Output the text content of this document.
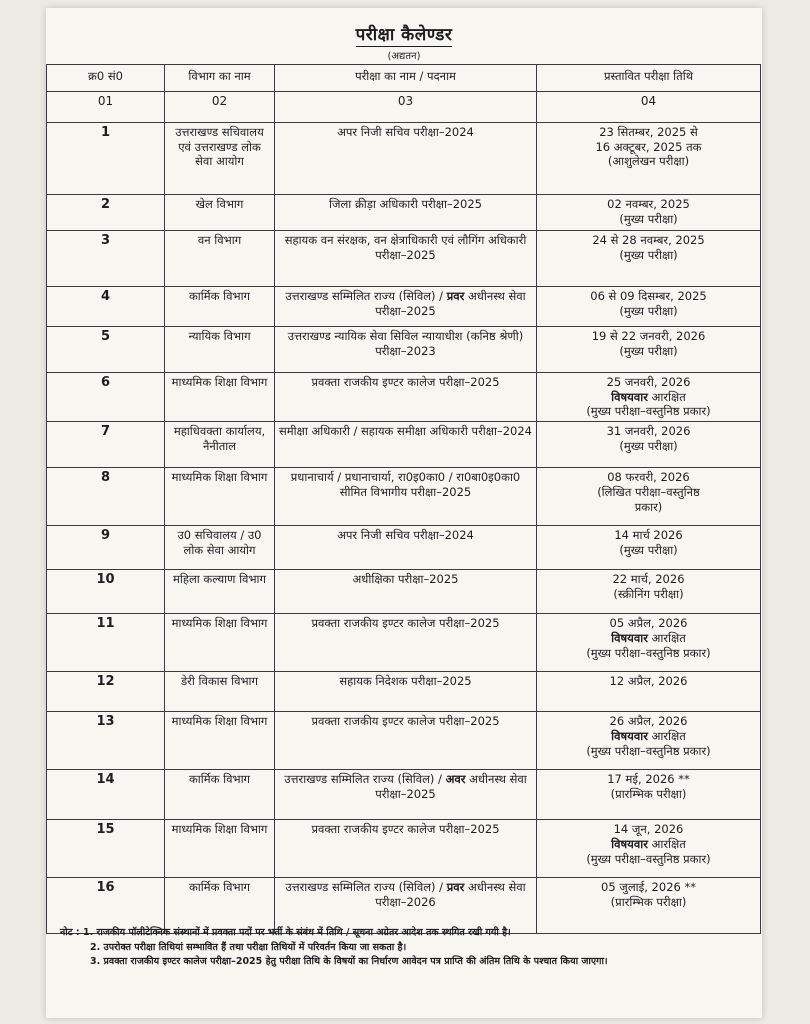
परीक्षा कैलेण्डर
(अद्यतन)
क्र0 सं0	विभाग का नाम	परीक्षा का नाम / पदनाम	प्रस्तावित परीक्षा तिथि
01	02	03	04
1	उत्तराखण्ड सचिवालय एवं उत्तराखण्ड लोक सेवा आयोग	अपर निजी सचिव परीक्षा–2024	23 सितम्बर, 2025 से
16 अक्टूबर, 2025 तक
(आशुलेखन परीक्षा)

2	खेल विभाग	जिला क्रीड़ा अधिकारी परीक्षा–2025	02 नवम्बर, 2025
(मुख्य परीक्षा)

3	वन विभाग	सहायक वन संरक्षक, वन क्षेत्राधिकारी एवं लौगिंग अधिकारी परीक्षा–2025	24 से 28 नवम्बर, 2025
(मुख्य परीक्षा)

4	कार्मिक विभाग	उत्तराखण्ड सम्मिलित राज्य (सिविल) / प्रवर अधीनस्थ सेवा परीक्षा–2025	06 से 09 दिसम्बर, 2025
(मुख्य परीक्षा)

5	न्यायिक विभाग	उत्तराखण्ड न्यायिक सेवा सिविल न्यायाधीश (कनिष्ठ श्रेणी) परीक्षा–2023	19 से 22 जनवरी, 2026
(मुख्य परीक्षा)

6	माध्यमिक शिक्षा विभाग	प्रवक्ता राजकीय इण्टर कालेज परीक्षा–2025	25 जनवरी, 2026
विषयवार आरक्षित
(मुख्य परीक्षा–वस्तुनिष्ठ प्रकार)

7	महाधिवक्ता कार्यालय, नैनीताल	समीक्षा अधिकारी / सहायक समीक्षा अधिकारी परीक्षा–2024	31 जनवरी, 2026
(मुख्य परीक्षा)

8	माध्यमिक शिक्षा विभाग	प्रधानाचार्य / प्रधानाचार्या, रा0इ0का0 / रा0बा0इ0का0 सीमित विभागीय परीक्षा–2025	08 फरवरी, 2026
(लिखित परीक्षा–वस्तुनिष्ठ
प्रकार)

9	उ0 सचिवालय / उ0 लोक सेवा आयोग	अपर निजी सचिव परीक्षा–2024	14 मार्च 2026
(मुख्य परीक्षा)

10	महिला कल्याण विभाग	अधीक्षिका परीक्षा–2025	22 मार्च, 2026
(स्क्रीनिंग परीक्षा)

11	माध्यमिक शिक्षा विभाग	प्रवक्ता राजकीय इण्टर कालेज परीक्षा–2025	05 अप्रैल, 2026
विषयवार आरक्षित
(मुख्य परीक्षा–वस्तुनिष्ठ प्रकार)

12	डेरी विकास विभाग	सहायक निदेशक परीक्षा–2025	12 अप्रैल, 2026

13	माध्यमिक शिक्षा विभाग	प्रवक्ता राजकीय इण्टर कालेज परीक्षा–2025	26 अप्रैल, 2026
विषयवार आरक्षित
(मुख्य परीक्षा–वस्तुनिष्ठ प्रकार)

14	कार्मिक विभाग	उत्तराखण्ड सम्मिलित राज्य (सिविल) / अवर अधीनस्थ सेवा परीक्षा–2025	17 मई, 2026 **
(प्रारम्भिक परीक्षा)

15	माध्यमिक शिक्षा विभाग	प्रवक्ता राजकीय इण्टर कालेज परीक्षा–2025	14 जून, 2026
विषयवार आरक्षित
(मुख्य परीक्षा–वस्तुनिष्ठ प्रकार)

16	कार्मिक विभाग	उत्तराखण्ड सम्मिलित राज्य (सिविल) / प्रवर अधीनस्थ सेवा परीक्षा–2026	05 जुलाई, 2026 **
(प्रारम्भिक परीक्षा)
नोट : 1. राजकीय पॉलीटेक्निक संस्थानों में प्रवक्ता पदों पर भर्ती के संबंध में तिथि / सूचना अग्रेतर आदेश तक स्थगित रखी गयी है।
2. उपरोक्त परीक्षा तिथियां सम्भावित हैं तथा परीक्षा तिथियों में परिवर्तन किया जा सकता है।
3. प्रवक्ता राजकीय इण्टर कालेज परीक्षा–2025 हेतु परीक्षा तिथि के विषयों का निर्धारण आवेदन पत्र प्राप्ति की अंतिम तिथि के पश्चात किया जाएगा।
